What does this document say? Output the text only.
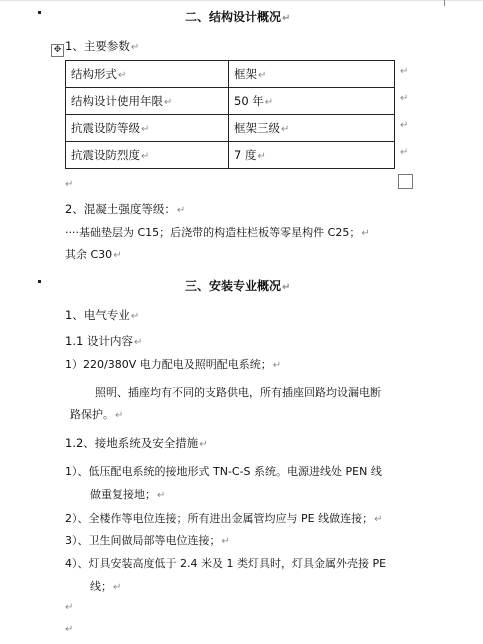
二、结构设计概况↵
✥ 1、主要参数↵
结构形式↵	框架↵
结构设计使用年限↵	50 年↵
抗震设防等级↵	框架三级↵
抗震设防烈度↵	7 度↵
↵
↵
↵
↵
↵
2、混凝土强度等级：↵
····基础垫层为 C15；后浇带的构造柱栏板等零星构件 C25；↵
其余 C30↵
三、安装专业概况↵
1、电气专业↵
1.1 设计内容↵
1）220/380V 电力配电及照明配电系统；↵
照明、插座均有不同的支路供电，所有插座回路均设漏电断
路保护。↵
1.2、接地系统及安全措施↵
1）、低压配电系统的接地形式 TN-C-S 系统。电源进线处 PEN 线
做重复接地；↵
2）、全楼作等电位连接；所有进出金属管均应与 PE 线做连接；↵
3）、卫生间做局部等电位连接；↵
4）、灯具安装高度低于 2.4 米及 1 类灯具时，灯具金属外壳接 PE
线；↵
↵
↵
